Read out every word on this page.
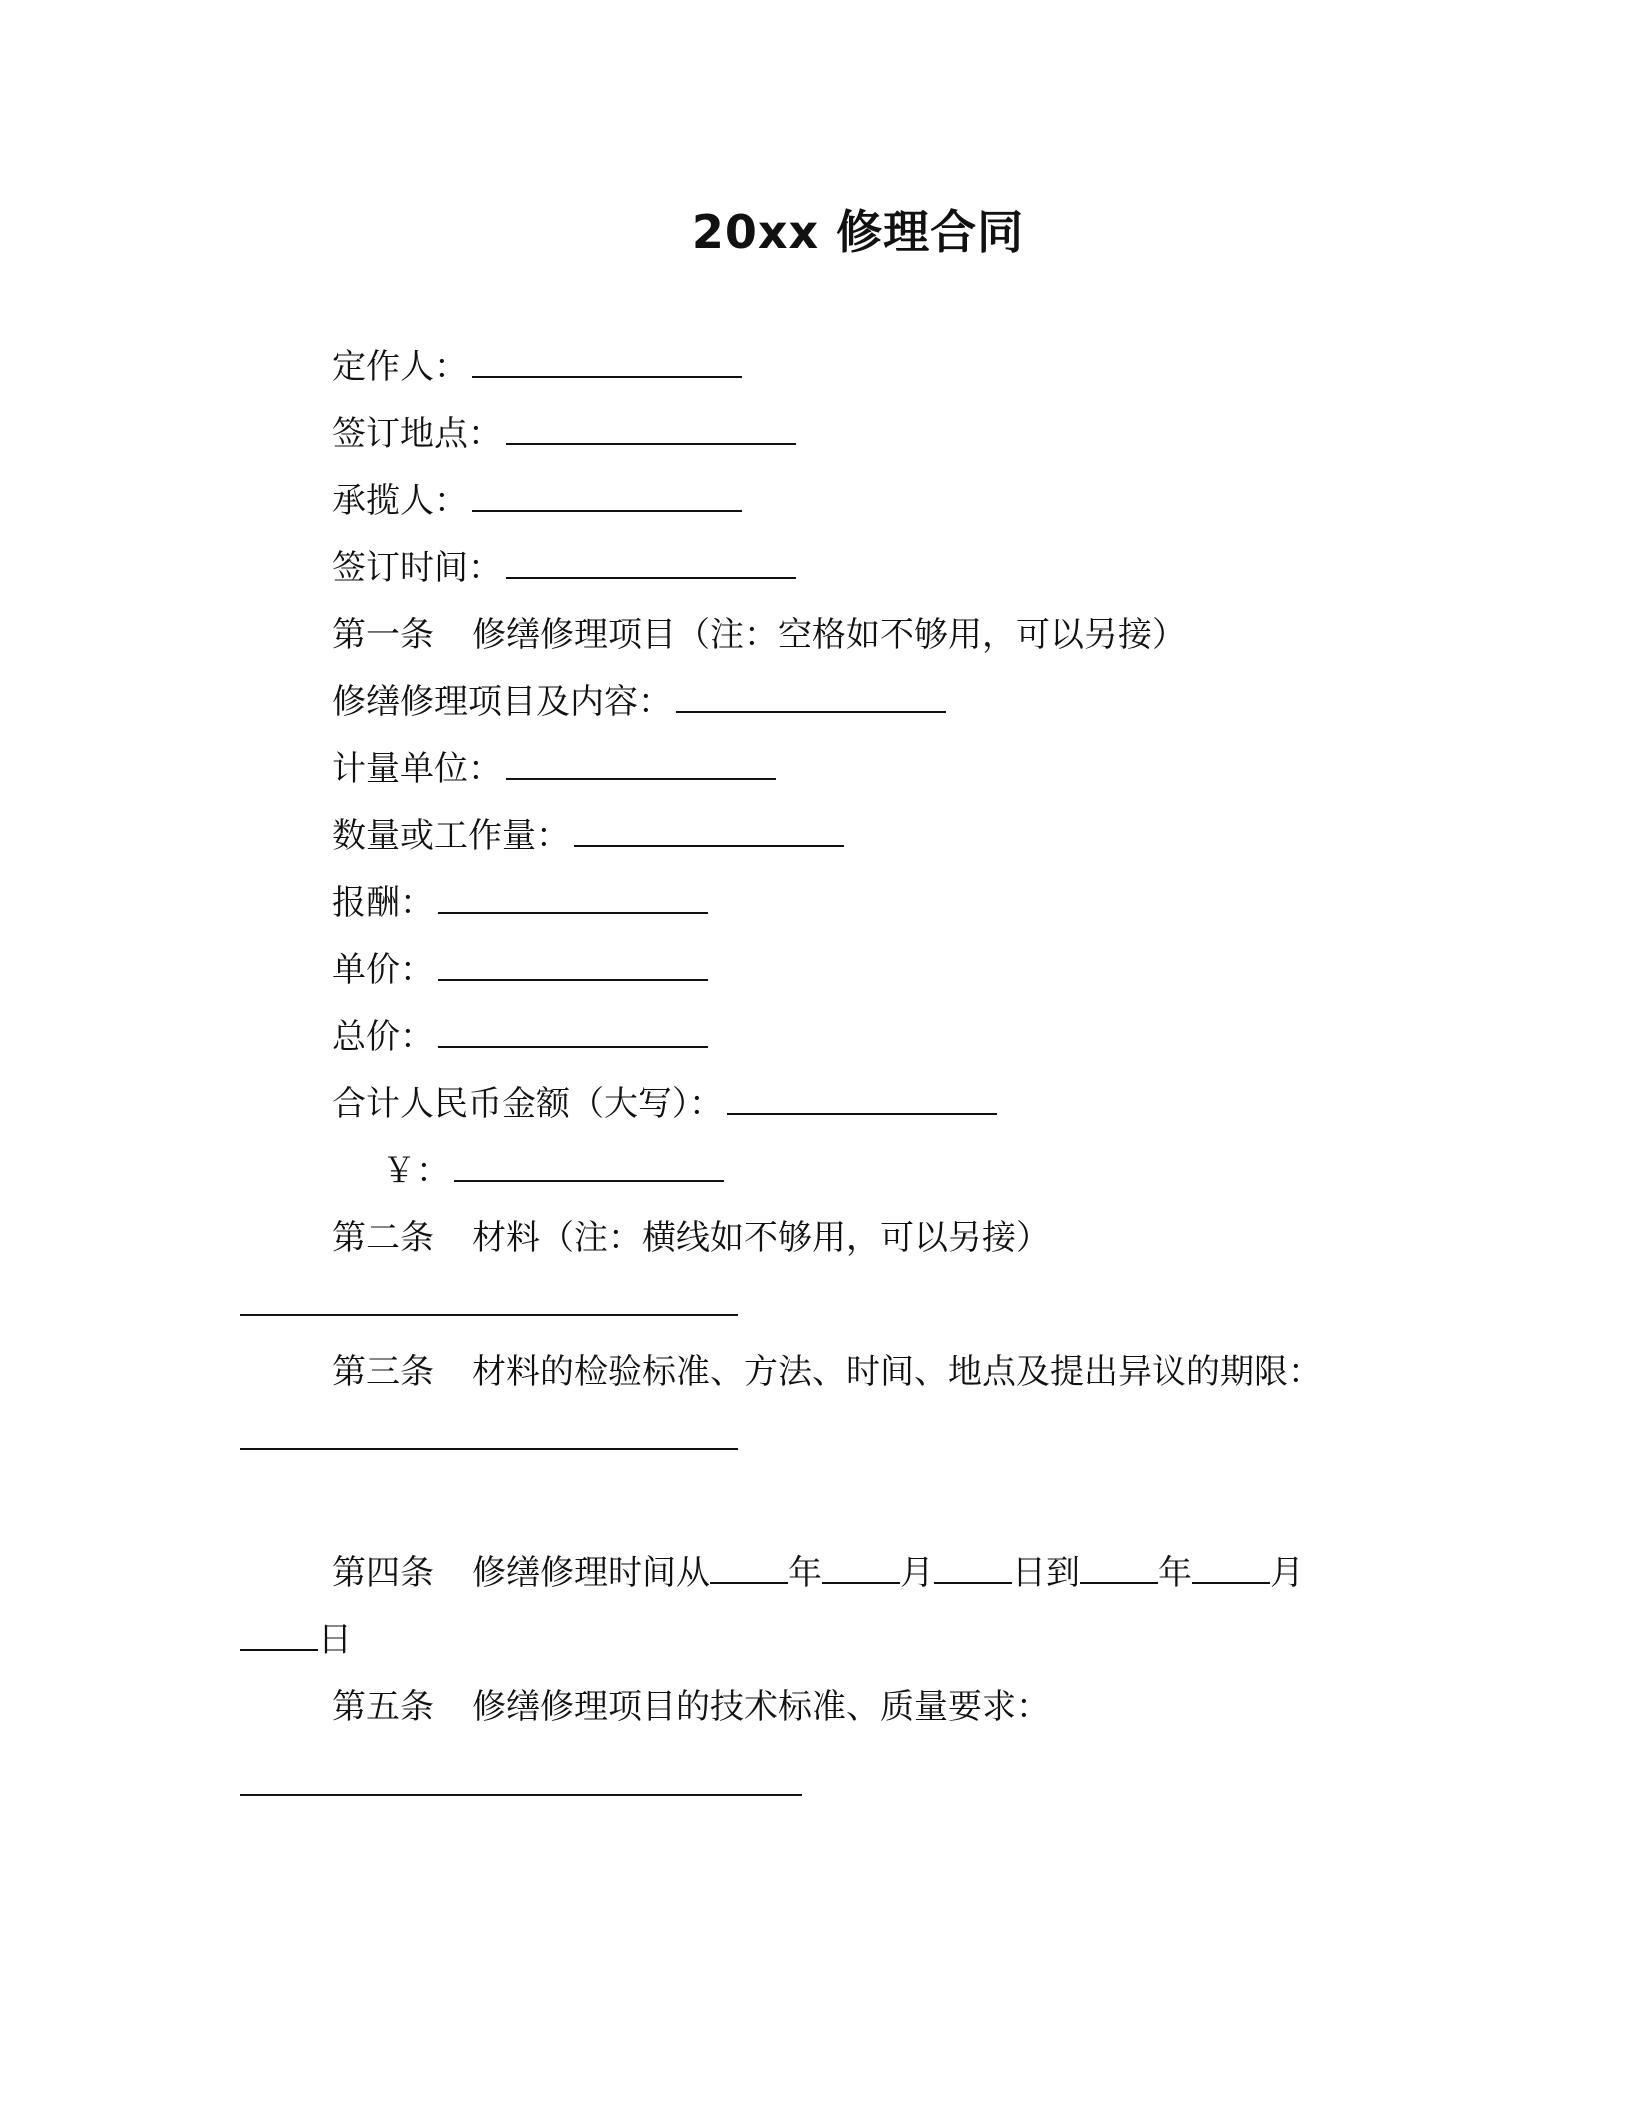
20xx 修理合同
定作人：
签订地点：
承揽人：
签订时间：
第一条 修缮修理项目（注：空格如不够用，可以另接）
修缮修理项目及内容：
计量单位：
数量或工作量：
报酬：
单价：
总价：
合计人民币金额（大写）：
￥：
第二条 材料（注：横线如不够用，可以另接）
第三条 材料的检验标准、方法、时间、地点及提出异议的期限：
第四条 修缮修理时间从 年 月 日到 年 月
日
第五条 修缮修理项目的技术标准、质量要求：
